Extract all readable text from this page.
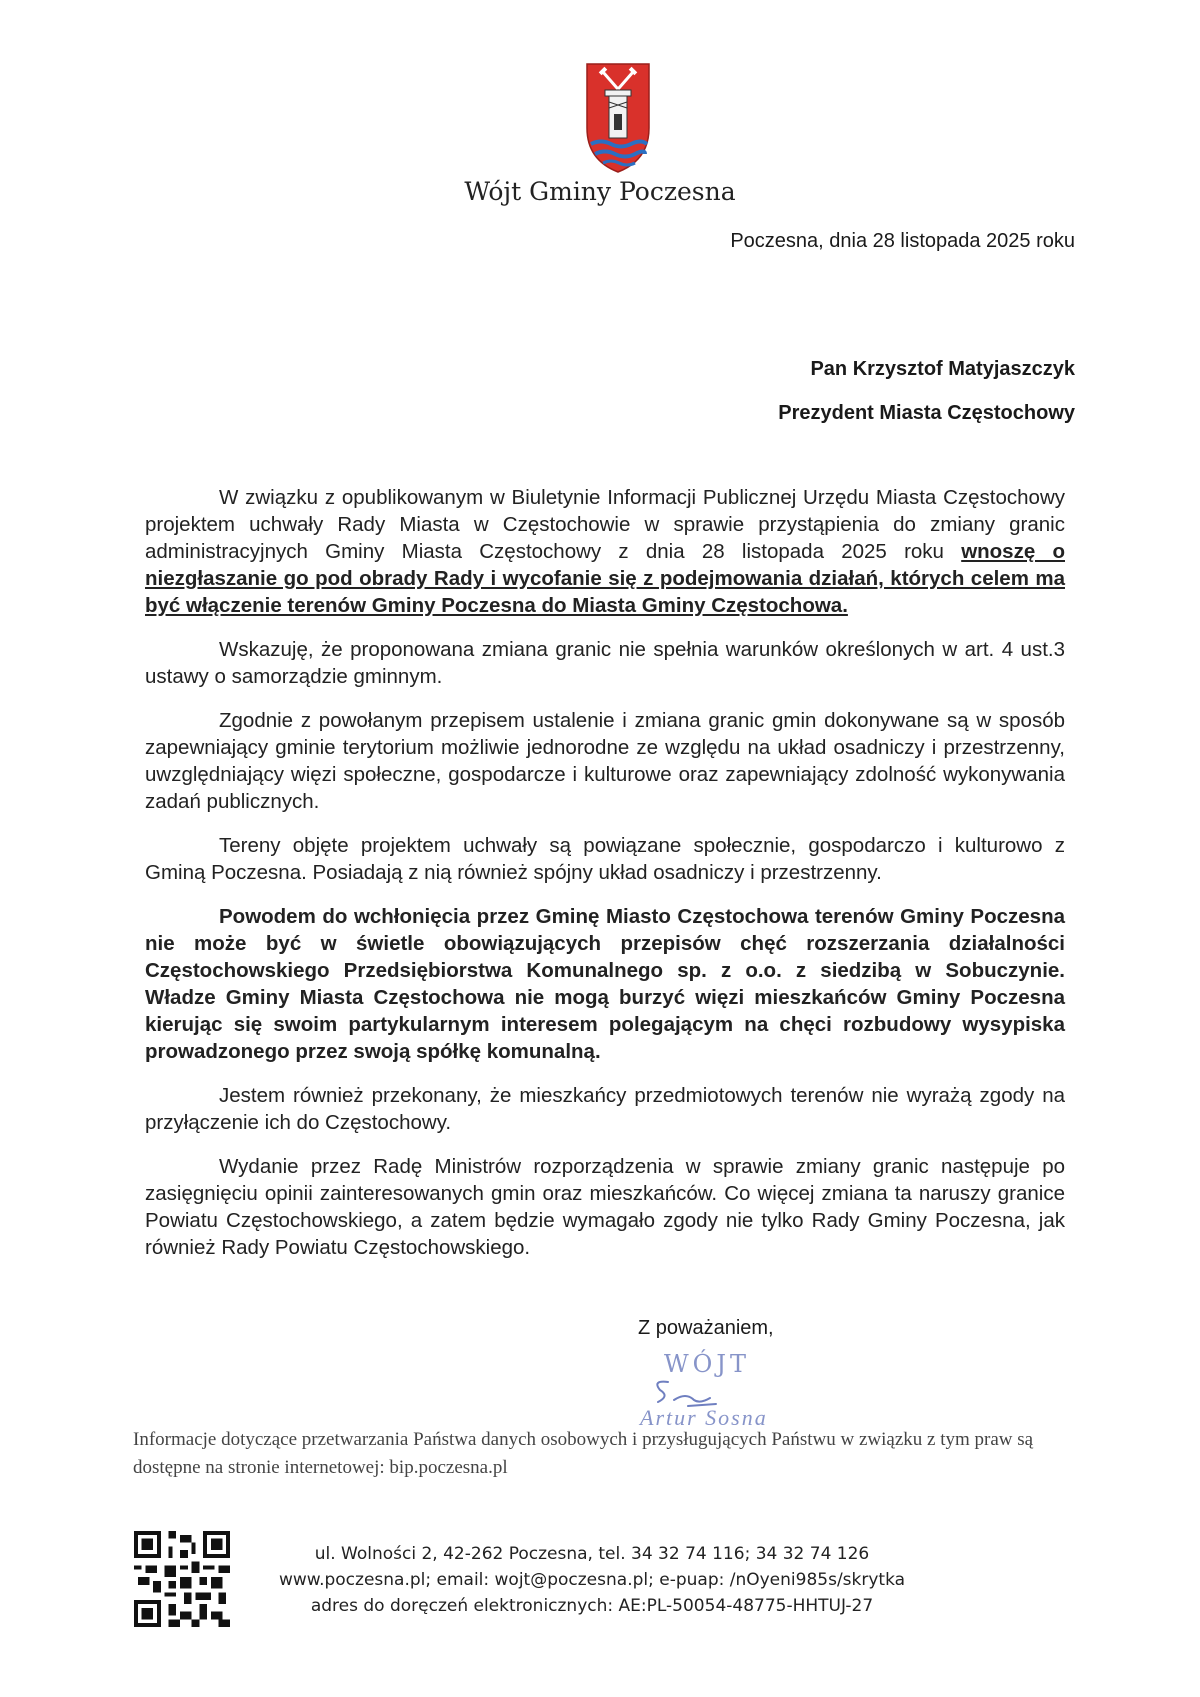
Wójt Gminy Poczesna
Poczesna, dnia 28 listopada 2025 roku
Pan Krzysztof Matyjaszczyk
Prezydent Miasta Częstochowy

W związku z opublikowanym w Biuletynie Informacji Publicznej Urzędu Miasta Częstochowy projektem uchwały Rady Miasta w Częstochowie w sprawie przystąpienia do zmiany granic administracyjnych Gminy Miasta Częstochowy z dnia 28 listopada 2025 roku wnoszę o niezgłaszanie go pod obrady Rady i wycofanie się z podejmowania działań, których celem ma być włączenie terenów Gminy Poczesna do Miasta Gminy Częstochowa.

Wskazuję, że proponowana zmiana granic nie spełnia warunków określonych w art. 4 ust.3 ustawy o samorządzie gminnym.

Zgodnie z powołanym przepisem ustalenie i zmiana granic gmin dokonywane są w sposób zapewniający gminie terytorium możliwie jednorodne ze względu na układ osadniczy i przestrzenny, uwzględniający więzi społeczne, gospodarcze i kulturowe oraz zapewniający zdolność wykonywania zadań publicznych.

Tereny objęte projektem uchwały są powiązane społecznie, gospodarczo i kulturowo z Gminą Poczesna. Posiadają z nią również spójny układ osadniczy i przestrzenny.

Powodem do wchłonięcia przez Gminę Miasto Częstochowa terenów Gminy Poczesna nie może być w świetle obowiązujących przepisów chęć rozszerzania działalności Częstochowskiego Przedsiębiorstwa Komunalnego sp. z o.o. z siedzibą w Sobuczynie. Władze Gminy Miasta Częstochowa nie mogą burzyć więzi mieszkańców Gminy Poczesna kierując się swoim partykularnym interesem polegającym na chęci rozbudowy wysypiska prowadzonego przez swoją spółkę komunalną.

Jestem również przekonany, że mieszkańcy przedmiotowych terenów nie wyrażą zgody na przyłączenie ich do Częstochowy.

Wydanie przez Radę Ministrów rozporządzenia w sprawie zmiany granic następuje po zasięgnięciu opinii zainteresowanych gmin oraz mieszkańców. Co więcej zmiana ta naruszy granice Powiatu Częstochowskiego, a zatem będzie wymagało zgody nie tylko Rady Gminy Poczesna, jak również Rady Powiatu Częstochowskiego.

Z poważaniem,
WÓJT
Artur Sosna
Informacje dotyczące przetwarzania Państwa danych osobowych i przysługujących Państwu w związku z tym praw są dostępne na stronie internetowej: bip.poczesna.pl
ul. Wolności 2, 42-262 Poczesna, tel. 34 32 74 116; 34 32 74 126
www.poczesna.pl; email: wojt@poczesna.pl; e-puap: /nOyeni985s/skrytka
adres do doręczeń elektronicznych: AE:PL-50054-48775-HHTUJ-27
